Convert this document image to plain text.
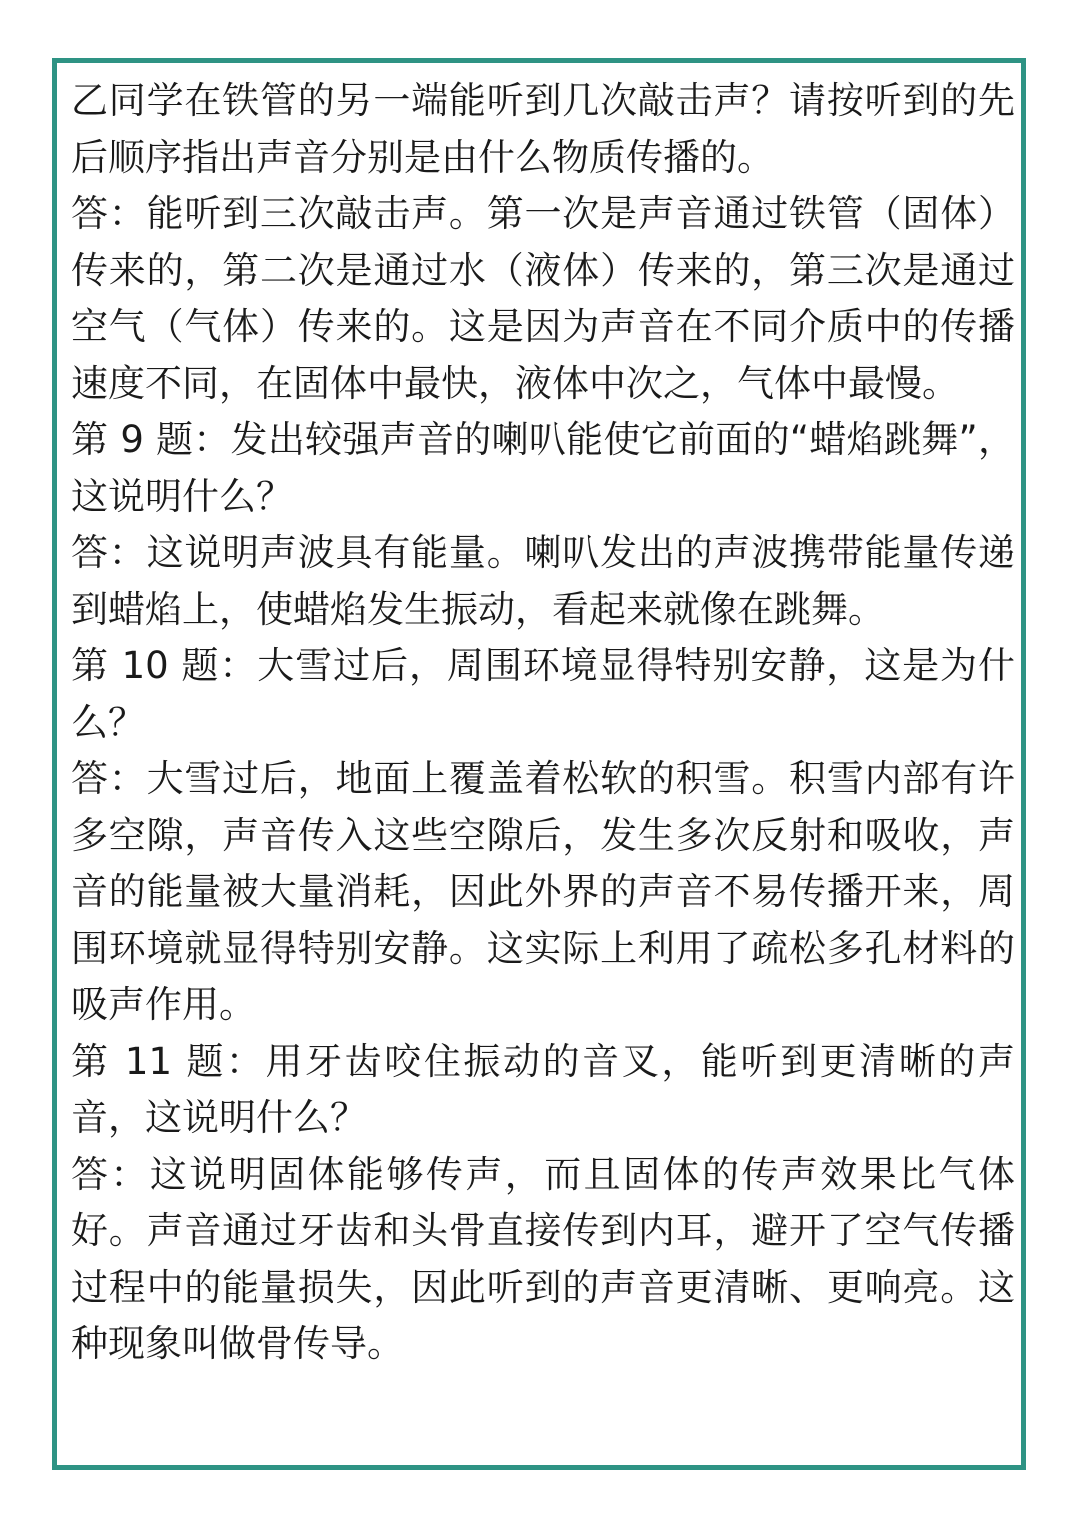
乙同学在铁管的另一端能听到几次敲击声？请按听到的先后顺序指出声音分别是由什么物质传播的。

答：能听到三次敲击声。第一次是声音通过铁管（固体）传来的，第二次是通过水（液体）传来的，第三次是通过空气（气体）传来的。这是因为声音在不同介质中的传播速度不同，在固体中最快，液体中次之，气体中最慢。

第 9 题：发出较强声音的喇叭能使它前面的“蜡焰跳舞”，这说明什么？

答：这说明声波具有能量。喇叭发出的声波携带能量传递到蜡焰上，使蜡焰发生振动，看起来就像在跳舞。

第 10 题：大雪过后，周围环境显得特别安静，这是为什么？

答：大雪过后，地面上覆盖着松软的积雪。积雪内部有许多空隙，声音传入这些空隙后，发生多次反射和吸收，声音的能量被大量消耗，因此外界的声音不易传播开来，周围环境就显得特别安静。这实际上利用了疏松多孔材料的吸声作用。

第 11 题：用牙齿咬住振动的音叉，能听到更清晰的声音，这说明什么？

答：这说明固体能够传声，而且固体的传声效果比气体好。声音通过牙齿和头骨直接传到内耳，避开了空气传播过程中的能量损失，因此听到的声音更清晰、更响亮。这种现象叫做骨传导。
